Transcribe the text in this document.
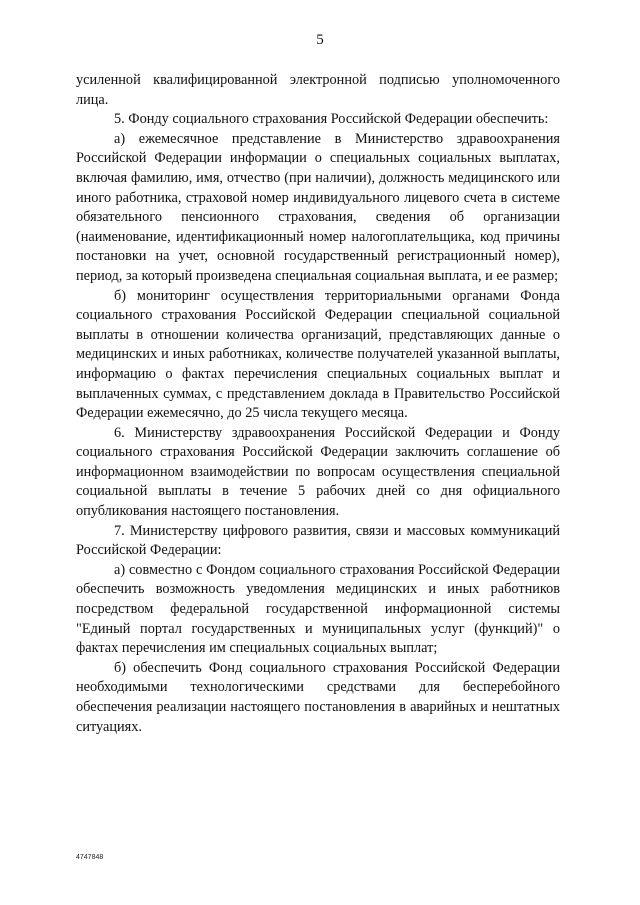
5

усиленной квалифицированной электронной подписью уполномоченного лица.

5. Фонду социального страхования Российской Федерации обеспечить:

а) ежемесячное представление в Министерство здравоохранения Российской Федерации информации о специальных социальных выплатах, включая фамилию, имя, отчество (при наличии), должность медицинского или иного работника, страховой номер индивидуального лицевого счета в системе обязательного пенсионного страхования, сведения об организации (наименование, идентификационный номер налогоплательщика, код причины постановки на учет, основной государственный регистрационный номер), период, за который произведена специальная социальная выплата, и ее размер;

б) мониторинг осуществления территориальными органами Фонда социального страхования Российской Федерации специальной социальной выплаты в отношении количества организаций, представляющих данные о медицинских и иных работниках, количестве получателей указанной выплаты, информацию о фактах перечисления специальных социальных выплат и выплаченных суммах, с представлением доклада в Правительство Российской Федерации ежемесячно, до 25 числа текущего месяца.

6. Министерству здравоохранения Российской Федерации и Фонду социального страхования Российской Федерации заключить соглашение об информационном взаимодействии по вопросам осуществления специальной социальной выплаты в течение 5 рабочих дней со дня официального опубликования настоящего постановления.

7. Министерству цифрового развития, связи и массовых коммуникаций Российской Федерации:

а) совместно с Фондом социального страхования Российской Федерации обеспечить возможность уведомления медицинских и иных работников посредством федеральной государственной информационной системы "Единый портал государственных и муниципальных услуг (функций)" о фактах перечисления им специальных социальных выплат;

б) обеспечить Фонд социального страхования Российской Федерации необходимыми технологическими средствами для бесперебойного обеспечения реализации настоящего постановления в аварийных и нештатных ситуациях.

4747848
